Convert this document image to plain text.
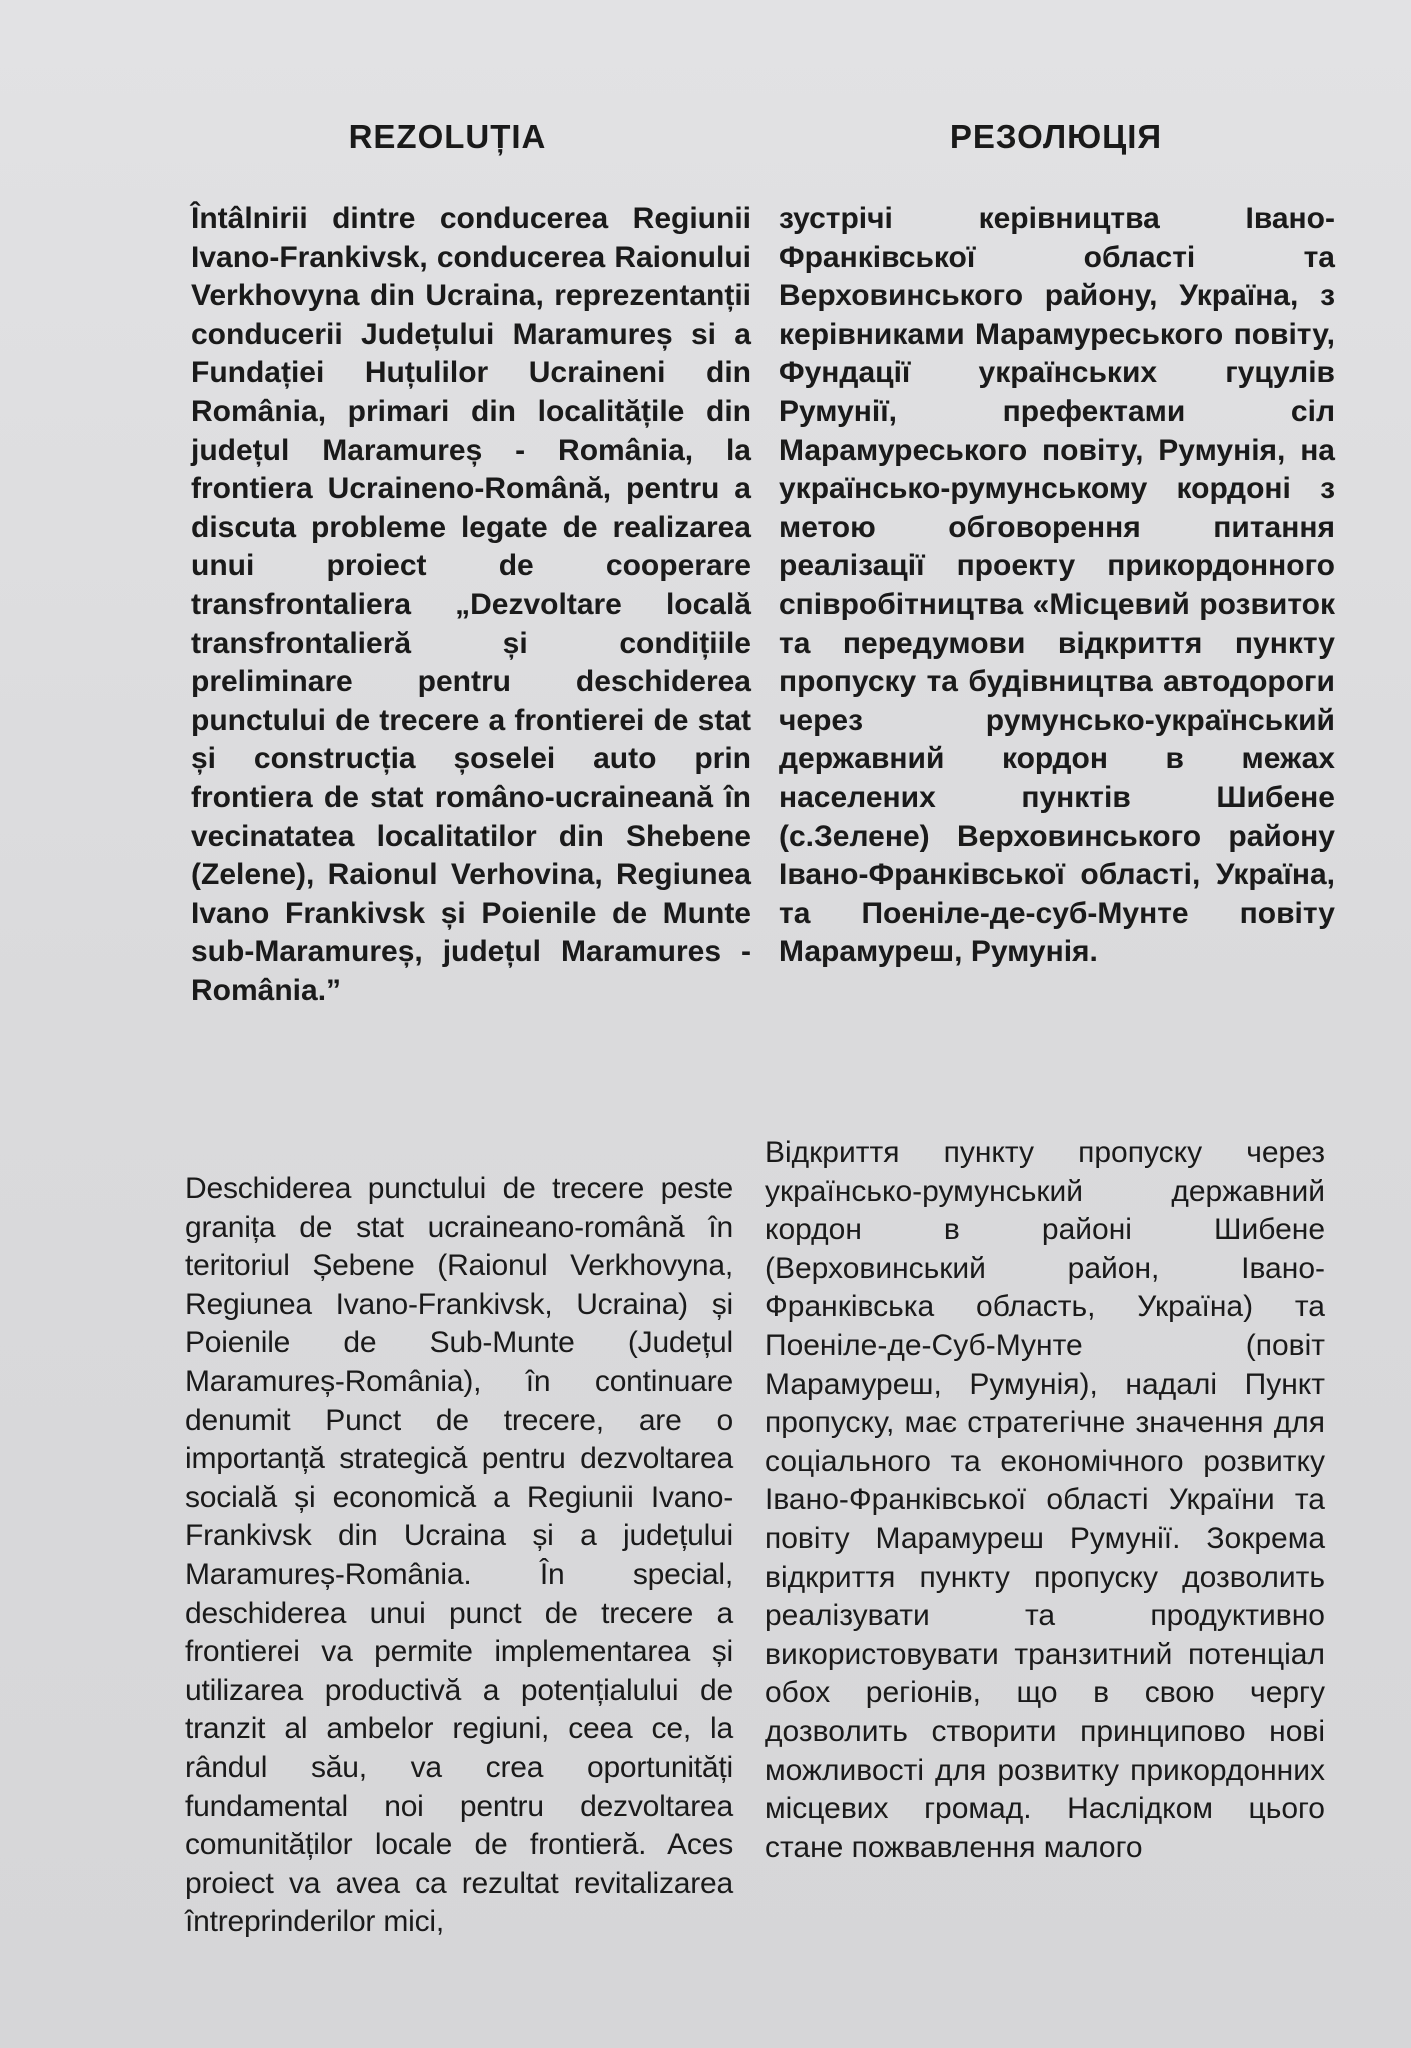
REZOLUȚIA

Întâlnirii dintre conducerea Regiunii Ivano-Frankivsk, conducerea Raionului Verkhovyna din Ucraina, reprezentanții conducerii Județului Maramureș si a Fundației Huțulilor Ucraineni din România, primari din localitățile din județul Maramureș - România, la frontiera Ucraineno-Română, pentru a discuta probleme legate de realizarea unui proiect de cooperare transfrontaliera „Dezvoltare locală transfrontalieră și condițiile preliminare pentru deschiderea punctului de trecere a frontierei de stat și construcția șoselei auto prin frontiera de stat româno-ucraineană în vecinatatea localitatilor din Shebene (Zelene), Raionul Verhovina, Regiunea Ivano Frankivsk și Poienile de Munte sub-Maramureș, județul Maramures - România.”

Deschiderea punctului de trecere peste granița de stat ucraineano-română în teritoriul Șebene (Raionul Verkhovyna, Regiunea Ivano-Frankivsk, Ucraina) și Poienile de Sub-Munte (Județul Maramureș-România), în continuare denumit Punct de trecere, are o importanță strategică pentru dezvoltarea socială și economică a Regiunii Ivano-Frankivsk din Ucraina și a județului Maramureș-România. În special, deschiderea unui punct de trecere a frontierei va permite implementarea și utilizarea productivă a potențialului de tranzit al ambelor regiuni, ceea ce, la rândul său, va crea oportunități fundamental noi pentru dezvoltarea comunităților locale de frontieră. Aces proiect va avea ca rezultat revitalizarea întreprinderilor mici,

РЕЗОЛЮЦІЯ

зустрічі керівництва Івано-Франківської області та Верховинського району, Україна, з керівниками Марамуреського повіту, Фундації українських гуцулів Румунії, префектами сіл Марамуреського повіту, Румунія, на українсько-румунському кордоні з метою обговорення питання реалізації проекту прикордонного співробітництва «Місцевий розвиток та передумови відкриття пункту пропуску та будівництва автодороги через румунсько-український державний кордон в межах населених пунктів Шибене (с.Зелене) Верховинського району Івано-Франківської області, Україна, та Поеніле-де-суб-Мунте повіту Марамуреш, Румунія.

Відкриття пункту пропуску через українсько-румунський державний кордон в районі Шибене (Верховинський район, Івано-Франківська область, Україна) та Поеніле-де-Суб-Мунте (повіт Марамуреш, Румунія), надалі Пункт пропуску, має стратегічне значення для соціального та економічного розвитку Івано-Франківської області України та повіту Марамуреш Румунії. Зокрема відкриття пункту пропуску дозволить реалізувати та продуктивно використовувати транзитний потенціал обох регіонів, що в свою чергу дозволить створити принципово нові можливості для розвитку прикордонних місцевих громад. Наслідком цього стане пожвавлення малого
